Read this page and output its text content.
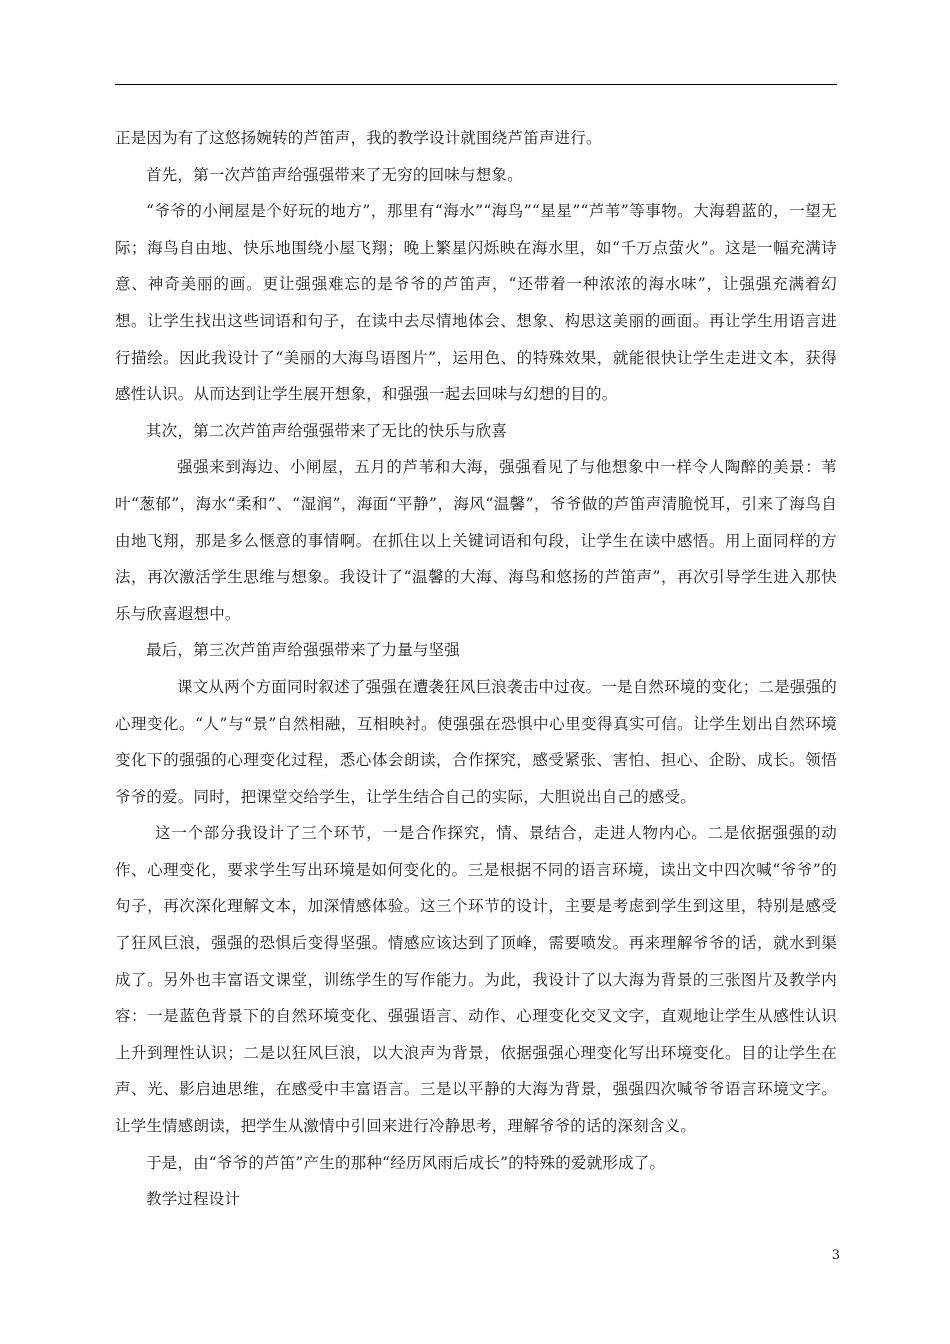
正是因为有了这悠扬婉转的芦笛声，我的教学设计就围绕芦笛声进行。

首先，第一次芦笛声给强强带来了无穷的回味与想象。

“爷爷的小闸屋是个好玩的地方”，那里有“海水”“海鸟”“星星”“芦苇”等事物。大海碧蓝的，一望无际；海鸟自由地、快乐地围绕小屋飞翔；晚上繁星闪烁映在海水里，如“千万点萤火”。这是一幅充满诗意、神奇美丽的画。更让强强难忘的是爷爷的芦笛声，“还带着一种浓浓的海水味”，让强强充满着幻想。让学生找出这些词语和句子，在读中去尽情地体会、想象、构思这美丽的画面。再让学生用语言进行描绘。因此我设计了“美丽的大海鸟语图片”，运用色、的特殊效果，就能很快让学生走进文本，获得感性认识。从而达到让学生展开想象，和强强一起去回味与幻想的目的。

其次，第二次芦笛声给强强带来了无比的快乐与欣喜

强强来到海边、小闸屋，五月的芦苇和大海，强强看见了与他想象中一样令人陶醉的美景：苇叶“葱郁”，海水“柔和”、“湿润”，海面“平静”，海风“温馨”，爷爷做的芦笛声清脆悦耳，引来了海鸟自由地飞翔，那是多么惬意的事情啊。在抓住以上关键词语和句段，让学生在读中感悟。用上面同样的方法，再次激活学生思维与想象。我设计了“温馨的大海、海鸟和悠扬的芦笛声”，再次引导学生进入那快乐与欣喜遐想中。

最后，第三次芦笛声给强强带来了力量与坚强

课文从两个方面同时叙述了强强在遭袭狂风巨浪袭击中过夜。一是自然环境的变化；二是强强的心理变化。“人”与“景”自然相融，互相映衬。使强强在恐惧中心里变得真实可信。让学生划出自然环境变化下的强强的心理变化过程，悉心体会朗读，合作探究，感受紧张、害怕、担心、企盼、成长。领悟爷爷的爱。同时，把课堂交给学生，让学生结合自己的实际，大胆说出自己的感受。

这一个部分我设计了三个环节，一是合作探究，情、景结合，走进人物内心。二是依据强强的动作、心理变化，要求学生写出环境是如何变化的。三是根据不同的语言环境，读出文中四次喊“爷爷”的句子，再次深化理解文本，加深情感体验。这三个环节的设计，主要是考虑到学生到这里，特别是感受了狂风巨浪，强强的恐惧后变得坚强。情感应该达到了顶峰，需要喷发。再来理解爷爷的话，就水到渠成了。另外也丰富语文课堂，训练学生的写作能力。为此，我设计了以大海为背景的三张图片及教学内容：一是蓝色背景下的自然环境变化、强强语言、动作、心理变化交叉文字，直观地让学生从感性认识上升到理性认识；二是以狂风巨浪，以大浪声为背景，依据强强心理变化写出环境变化。目的让学生在声、光、影启迪思维，在感受中丰富语言。三是以平静的大海为背景，强强四次喊爷爷语言环境文字。让学生情感朗读，把学生从激情中引回来进行冷静思考，理解爷爷的话的深刻含义。

于是，由“爷爷的芦笛”产生的那种“经历风雨后成长”的特殊的爱就形成了。

教学过程设计

3
